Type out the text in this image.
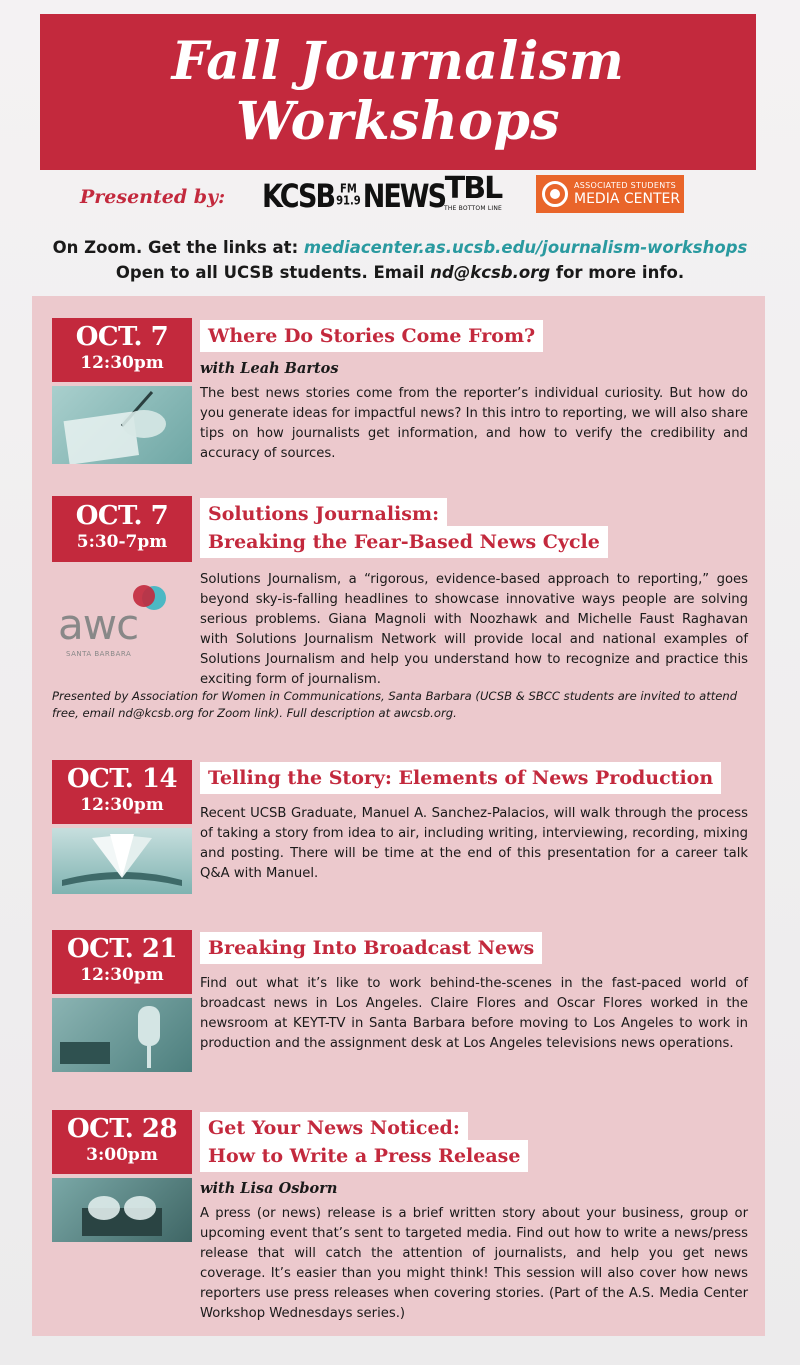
Fall Journalism
Workshops
Presented by: KCSB FM
91.9 NEWS TBL
THE BOTTOM LINE
ASSOCIATED STUDENTS
MEDIA CENTER
On Zoom. Get the links at: mediacenter.as.ucsb.edu/journalism-workshops
Open to all UCSB students. Email nd@kcsb.org for more info.
OCT. 7
12:30pm
Where Do Stories Come From?
with Leah Bartos
The best news stories come from the reporter’s individual curiosity. But how do you generate ideas for impactful news? In this intro to reporting, we will also share tips on how journalists get information, and how to verify the credibility and accuracy of sources.
OCT. 7
5:30-7pm
Solutions Journalism:
Breaking the Fear-Based News Cycle
awc
SANTA BARBARA
Solutions Journalism, a “rigorous, evidence-based approach to reporting,” goes beyond sky-is-falling headlines to showcase innovative ways people are solving serious problems. Giana Magnoli with Noozhawk and Michelle Faust Raghavan with Solutions Journalism Network will provide local and national examples of Solutions Journalism and help you understand how to recognize and practice this exciting form of journalism.
Presented by Association for Women in Communications, Santa Barbara (UCSB & SBCC students are invited to attend free, email nd@kcsb.org for Zoom link). Full description at awcsb.org.
OCT. 14
12:30pm
Telling the Story: Elements of News Production
Recent UCSB Graduate, Manuel A. Sanchez-Palacios, will walk through the process of taking a story from idea to air, including writing, interviewing, recording, mixing and posting. There will be time at the end of this presentation for a career talk Q&A with Manuel.
OCT. 21
12:30pm
Breaking Into Broadcast News
Find out what it’s like to work behind-the-scenes in the fast-paced world of broadcast news in Los Angeles. Claire Flores and Oscar Flores worked in the newsroom at KEYT-TV in Santa Barbara before moving to Los Angeles to work in production and the assignment desk at Los Angeles televisions news operations.
OCT. 28
3:00pm
Get Your News Noticed:
How to Write a Press Release
with Lisa Osborn
A press (or news) release is a brief written story about your business, group or upcoming event that’s sent to targeted media. Find out how to write a news/press release that will catch the attention of journalists, and help you get news coverage. It’s easier than you might think! This session will also cover how news reporters use press releases when covering stories. (Part of the A.S. Media Center Workshop Wednesdays series.)
